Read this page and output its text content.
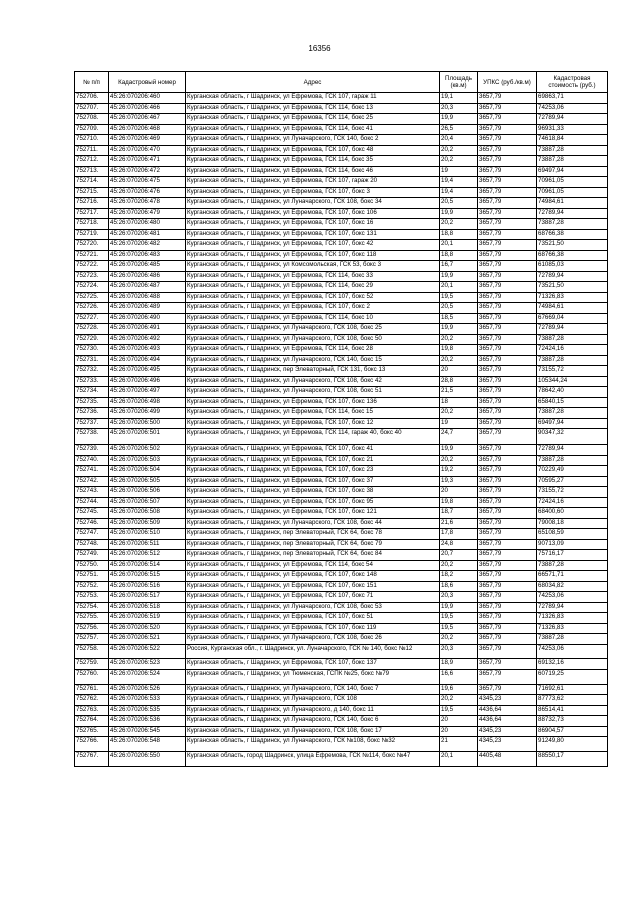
16356
№ п/п	Кадастровый номер	Адрес	Площадь (кв.м)	УПКС (руб./кв.м)	Кадастровая стоимость (руб.)
752706.	45:26:070206:460	Курганская область, г Шадринск, ул Ефремова, ГСК 107, гараж 11	19,1	3657,79	69863,71
752707.	45:26:070206:466	Курганская область, г Шадринск, ул Ефремова, ГСК 114, бокс 13	20,3	3657,79	74253,06
752708.	45:26:070206:467	Курганская область, г Шадринск, ул Ефремова, ГСК 114, бокс 25	19,9	3657,79	72789,94
752709.	45:26:070206:468	Курганская область, г Шадринск, ул Ефремова, ГСК 114, бокс 41	26,5	3657,79	96931,33
752710.	45:26:070206:469	Курганская область, г Шадринск, ул Луначарского, ГСК 140, бокс 2	20,4	3657,79	74618,84
752711.	45:26:070206:470	Курганская область, г Шадринск, ул Ефремова, ГСК 107, бокс 48	20,2	3657,79	73887,28
752712.	45:26:070206:471	Курганская область, г Шадринск, ул Ефремова, ГСК 114, бокс 35	20,2	3657,79	73887,28
752713.	45:26:070206:472	Курганская область, г Шадринск, ул Ефремова, ГСК 114, бокс 46	19	3657,79	69497,94
752714.	45:26:070206:475	Курганская область, г Шадринск, ул Ефремова, ГСК 107, гараж 20	19,4	3657,79	70961,05
752715.	45:26:070206:476	Курганская область, г Шадринск, ул Ефремова, ГСК 107, бокс 3	19,4	3657,79	70961,05
752716.	45:26:070206:478	Курганская область, г Шадринск, ул Луначарского, ГСК 108, бокс 34	20,5	3657,79	74984,61
752717.	45:26:070206:479	Курганская область, г Шадринск, ул Ефремова, ГСК 107, бокс 106	19,9	3657,79	72789,94
752718.	45:26:070206:480	Курганская область, г Шадринск, ул Ефремова, ГСК 107, бокс 16	20,2	3657,79	73887,28
752719.	45:26:070206:481	Курганская область, г Шадринск, ул Ефремова, ГСК 107, бокс 131	18,8	3657,79	68766,38
752720.	45:26:070206:482	Курганская область, г Шадринск, ул Ефремова, ГСК 107, бокс 42	20,1	3657,79	73521,50
752721.	45:26:070206:483	Курганская область, г Шадринск, ул Ефремова, ГСК 107, бокс 118	18,8	3657,79	68766,38
752722.	45:26:070206:485	Курганская область, г Шадринск, ул Комсомольская, ГСК 53, бокс 3	16,7	3657,79	61085,03
752723.	45:26:070206:486	Курганская область, г Шадринск, ул Ефремова, ГСК 114, бокс 33	19,9	3657,79	72789,94
752724.	45:26:070206:487	Курганская область, г Шадринск, ул Ефремова, ГСК 114, бокс 29	20,1	3657,79	73521,50
752725.	45:26:070206:488	Курганская область, г Шадринск, ул Ефремова, ГСК 107, бокс 52	19,5	3657,79	71326,83
752726.	45:26:070206:489	Курганская область, г Шадринск, ул Ефремова, ГСК 107, бокс 2	20,5	3657,79	74984,61
752727.	45:26:070206:490	Курганская область, г Шадринск, ул Ефремова, ГСК 114, бокс 10	18,5	3657,79	67669,04
752728.	45:26:070206:491	Курганская область, г Шадринск, ул Луначарского, ГСК 108, бокс 25	19,9	3657,79	72789,94
752729.	45:26:070206:492	Курганская область, г Шадринск, ул Луначарского, ГСК 108, бокс 50	20,2	3657,79	73887,28
752730.	45:26:070206:493	Курганская область, г Шадринск, ул Ефремова, ГСК 114, бокс 28	19,8	3657,79	72424,16
752731.	45:26:070206:494	Курганская область, г Шадринск, ул Луначарского, ГСК 140, бокс 15	20,2	3657,79	73887,28
752732.	45:26:070206:495	Курганская область, г Шадринск, пер Элеваторный, ГСК 131, бокс 13	20	3657,79	73155,72
752733.	45:26:070206:496	Курганская область, г Шадринск, ул Луначарского, ГСК 108, бокс 42	28,8	3657,79	105344,24
752734.	45:26:070206:497	Курганская область, г Шадринск, ул Луначарского, ГСК 108, бокс 51	21,5	3657,79	78642,40
752735.	45:26:070206:498	Курганская область, г Шадринск, ул Ефремова, ГСК 107, бокс 136	18	3657,79	65840,15
752736.	45:26:070206:499	Курганская область, г Шадринск, ул Ефремова, ГСК 114, бокс 15	20,2	3657,79	73887,28
752737.	45:26:070206:500	Курганская область, г Шадринск, ул Ефремова, ГСК 107, бокс 12	19	3657,79	69497,94
752738.	45:26:070206:501	Курганская область, г Шадринск, ул Ефремова, ГСК 114, гараж 40, бокс 40	24,7	3657,79	90347,32
752739.	45:26:070206:502	Курганская область, г Шадринск, ул Ефремова, ГСК 107, бокс 41	19,9	3657,79	72789,94
752740.	45:26:070206:503	Курганская область, г Шадринск, ул Ефремова, ГСК 107, бокс 21	20,2	3657,79	73887,28
752741.	45:26:070206:504	Курганская область, г Шадринск, ул Ефремова, ГСК 107, бокс 23	19,2	3657,79	70229,49
752742.	45:26:070206:505	Курганская область, г Шадринск, ул Ефремова, ГСК 107, бокс 37	19,3	3657,79	70595,27
752743.	45:26:070206:506	Курганская область, г Шадринск, ул Ефремова, ГСК 107, бокс 38	20	3657,79	73155,72
752744.	45:26:070206:507	Курганская область, г Шадринск, ул Ефремова, ГСК 107, бокс 95	19,8	3657,79	72424,16
752745.	45:26:070206:508	Курганская область, г Шадринск, ул Ефремова, ГСК 107, бокс 121	18,7	3657,79	68400,60
752746.	45:26:070206:509	Курганская область, г Шадринск, ул Луначарского, ГСК 108, бокс 44	21,6	3657,79	79008,18
752747.	45:26:070206:510	Курганская область, г Шадринск, пер Элеваторный, ГСК 64, бокс 78	17,8	3657,79	65108,59
752748.	45:26:070206:511	Курганская область, г Шадринск, пер Элеваторный, ГСК 64, бокс 79	24,8	3657,79	90713,09
752749.	45:26:070206:512	Курганская область, г Шадринск, пер Элеваторный, ГСК 64, бокс 84	20,7	3657,79	75716,17
752750.	45:26:070206:514	Курганская область, г Шадринск, ул Ефремова, ГСК 114, бокс 54	20,2	3657,79	73887,28
752751.	45:26:070206:515	Курганская область, г Шадринск, ул Ефремова, ГСК 107, бокс 148	18,2	3657,79	66571,71
752752.	45:26:070206:516	Курганская область, г Шадринск, ул Ефремова, ГСК 107, бокс 151	18,6	3657,79	68034,82
752753.	45:26:070206:517	Курганская область, г Шадринск, ул Ефремова, ГСК 107, бокс 71	20,3	3657,79	74253,06
752754.	45:26:070206:518	Курганская область, г Шадринск, ул Луначарского, ГСК 108, бокс 53	19,9	3657,79	72789,94
752755.	45:26:070206:519	Курганская область, г Шадринск, ул Ефремова, ГСК 107, бокс 51	19,5	3657,79	71326,83
752756.	45:26:070206:520	Курганская область, г Шадринск, ул Ефремова, ГСК 107, бокс 119	19,5	3657,79	71326,83
752757.	45:26:070206:521	Курганская область, г Шадринск, ул Луначарского, ГСК 108, бокс 26	20,2	3657,79	73887,28
752758.	45:26:070206:522	Россия, Курганская обл., г. Шадринск, ул. Луначарского, ГСК № 140, бокс №12	20,3	3657,79	74253,06
752759.	45:26:070206:523	Курганская область, г Шадринск, ул Ефремова, ГСК 107, бокс 137	18,9	3657,79	69132,16
752760.	45:26:070206:524	Курганская область, г Шадринск, ул Тюменская, ГСПК №25, бокс №79	16,6	3657,79	60719,25
752761.	45:26:070206:526	Курганская область, г Шадринск, ул Луначарского, ГСК 140, бокс 7	19,6	3657,79	71692,61
752762.	45:26:070206:533	Курганская область, г Шадринск, ул Луначарского, ГСК 108	20,2	4345,23	87773,62
752763.	45:26:070206:535	Курганская область, г Шадринск, ул Луначарского, д 140, бокс 11	19,5	4436,64	86514,41
752764.	45:26:070206:536	Курганская область, г Шадринск, ул Луначарского, ГСК 140, бокс 6	20	4436,64	88732,73
752765.	45:26:070206:545	Курганская область, г Шадринск, ул Луначарского, ГСК 108, бокс 17	20	4345,23	86904,57
752766.	45:26:070206:548	Курганская область, г Шадринск, ул Луначарского, ГСК №108, бокс №32	21	4345,23	91249,80
752767.	45:26:070206:550	Курганская область, город Шадринск, улица Ефремова, ГСК №114, бокс №47	20,1	4405,48	88550,17
